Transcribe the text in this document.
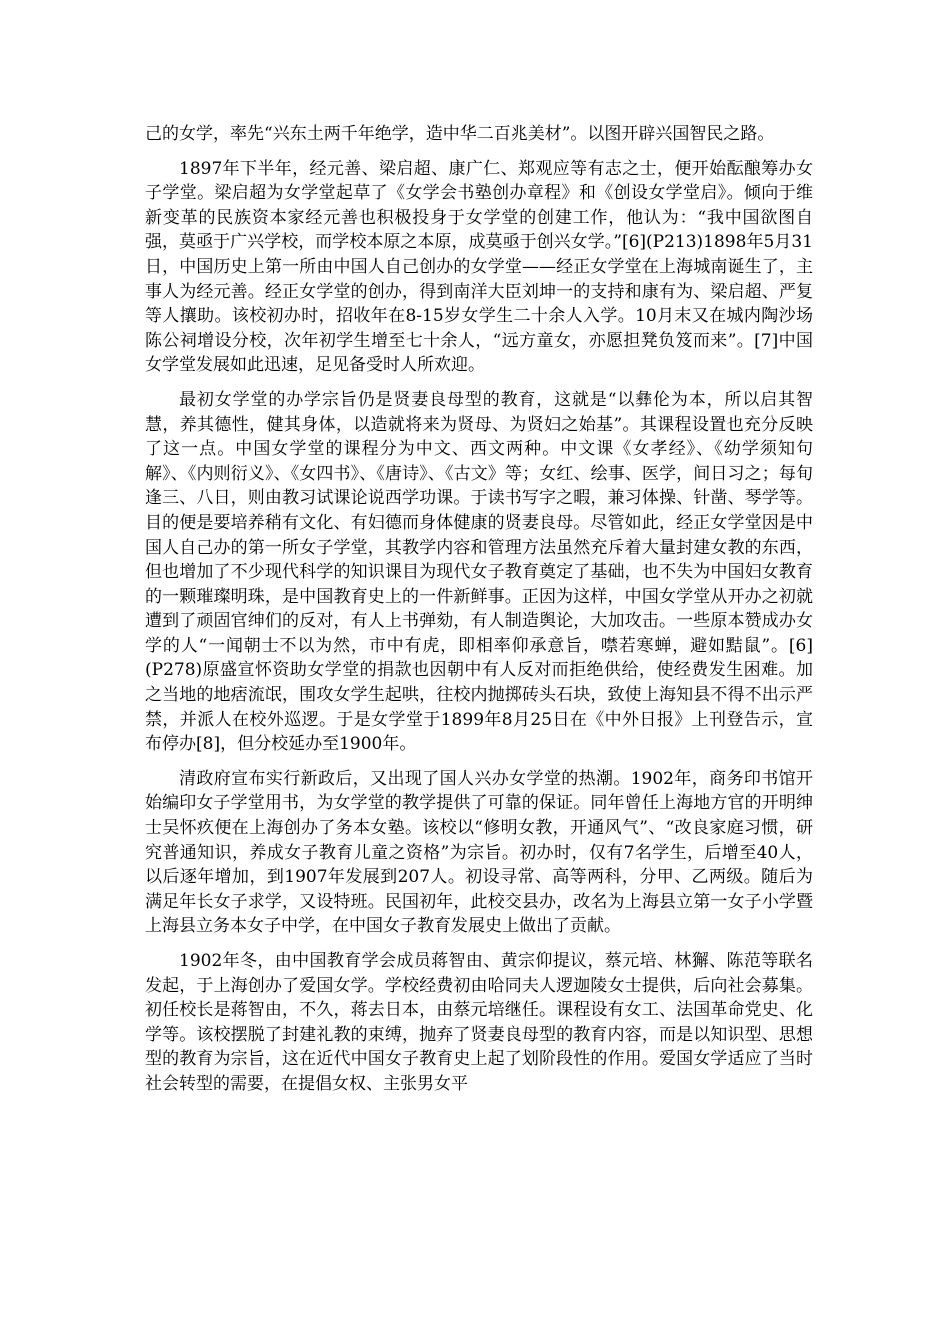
己的女学，率先“兴东土两千年绝学，造中华二百兆美材”。以图开辟兴国智民之路。

1897年下半年，经元善、梁启超、康广仁、郑观应等有志之士，便开始酝酿筹办女子学堂。梁启超为女学堂起草了《女学会书塾创办章程》和《创设女学堂启》。倾向于维新变革的民族资本家经元善也积极投身于女学堂的创建工作，他认为：“我中国欲图自强，莫亟于广兴学校，而学校本原之本原，成莫亟于创兴女学。”[6](P213)1898年5月31日，中国历史上第一所由中国人自己创办的女学堂——经正女学堂在上海城南诞生了，主事人为经元善。经正女学堂的创办，得到南洋大臣刘坤一的支持和康有为、梁启超、严复等人攘助。该校初办时，招收年在8-15岁女学生二十余人入学。10月末又在城内陶沙场陈公祠增设分校，次年初学生增至七十余人，“远方童女，亦愿担凳负笈而来”。[7]中国女学堂发展如此迅速，足见备受时人所欢迎。

最初女学堂的办学宗旨仍是贤妻良母型的教育，这就是“以彝伦为本，所以启其智慧，养其德性，健其身体，以造就将来为贤母、为贤妇之始基”。其课程设置也充分反映了这一点。中国女学堂的课程分为中文、西文两种。中文课《女孝经》、《幼学须知句解》、《内则衍义》、《女四书》、《唐诗》、《古文》等；女红、绘事、医学，间日习之；每旬逢三、八日，则由教习试课论说西学功课。于读书写字之暇，兼习体操、针凿、琴学等。目的便是要培养稍有文化、有妇德而身体健康的贤妻良母。尽管如此，经正女学堂因是中国人自己办的第一所女子学堂，其教学内容和管理方法虽然充斥着大量封建女教的东西，但也增加了不少现代科学的知识课目为现代女子教育奠定了基础，也不失为中国妇女教育的一颗璀璨明珠，是中国教育史上的一件新鲜事。正因为这样，中国女学堂从开办之初就遭到了顽固官绅们的反对，有人上书弹劾，有人制造舆论，大加攻击。一些原本赞成办女学的人“一闻朝士不以为然，市中有虎，即相率仰承意旨，噤若寒蝉，避如黠鼠”。[6](P278)原盛宣怀资助女学堂的捐款也因朝中有人反对而拒绝供给，使经费发生困难。加之当地的地痞流氓，围攻女学生起哄，往校内抛掷砖头石块，致使上海知县不得不出示严禁，并派人在校外巡逻。于是女学堂于1899年8月25日在《中外日报》上刊登告示，宣布停办[8]，但分校延办至1900年。

清政府宣布实行新政后，又出现了国人兴办女学堂的热潮。1902年，商务印书馆开始编印女子学堂用书，为女学堂的教学提供了可靠的保证。同年曾任上海地方官的开明绅士吴怀疚便在上海创办了务本女塾。该校以“修明女教，开通风气”、“改良家庭习惯，研究普通知识，养成女子教育儿童之资格”为宗旨。初办时，仅有7名学生，后增至40人，以后逐年增加，到1907年发展到207人。初设寻常、高等两科，分甲、乙两级。随后为满足年长女子求学，又设特班。民国初年，此校交县办，改名为上海县立第一女子小学暨上海县立务本女子中学，在中国女子教育发展史上做出了贡献。

1902年冬，由中国教育学会成员蒋智由、黄宗仰提议，蔡元培、林獬、陈范等联名发起，于上海创办了爱国女学。学校经费初由哈同夫人逻迦陵女士提供，后向社会募集。初任校长是蒋智由，不久，蒋去日本，由蔡元培继任。课程设有女工、法国革命党史、化学等。该校摆脱了封建礼教的束缚，抛弃了贤妻良母型的教育内容，而是以知识型、思想型的教育为宗旨，这在近代中国女子教育史上起了划阶段性的作用。爱国女学适应了当时社会转型的需要，在提倡女权、主张男女平
